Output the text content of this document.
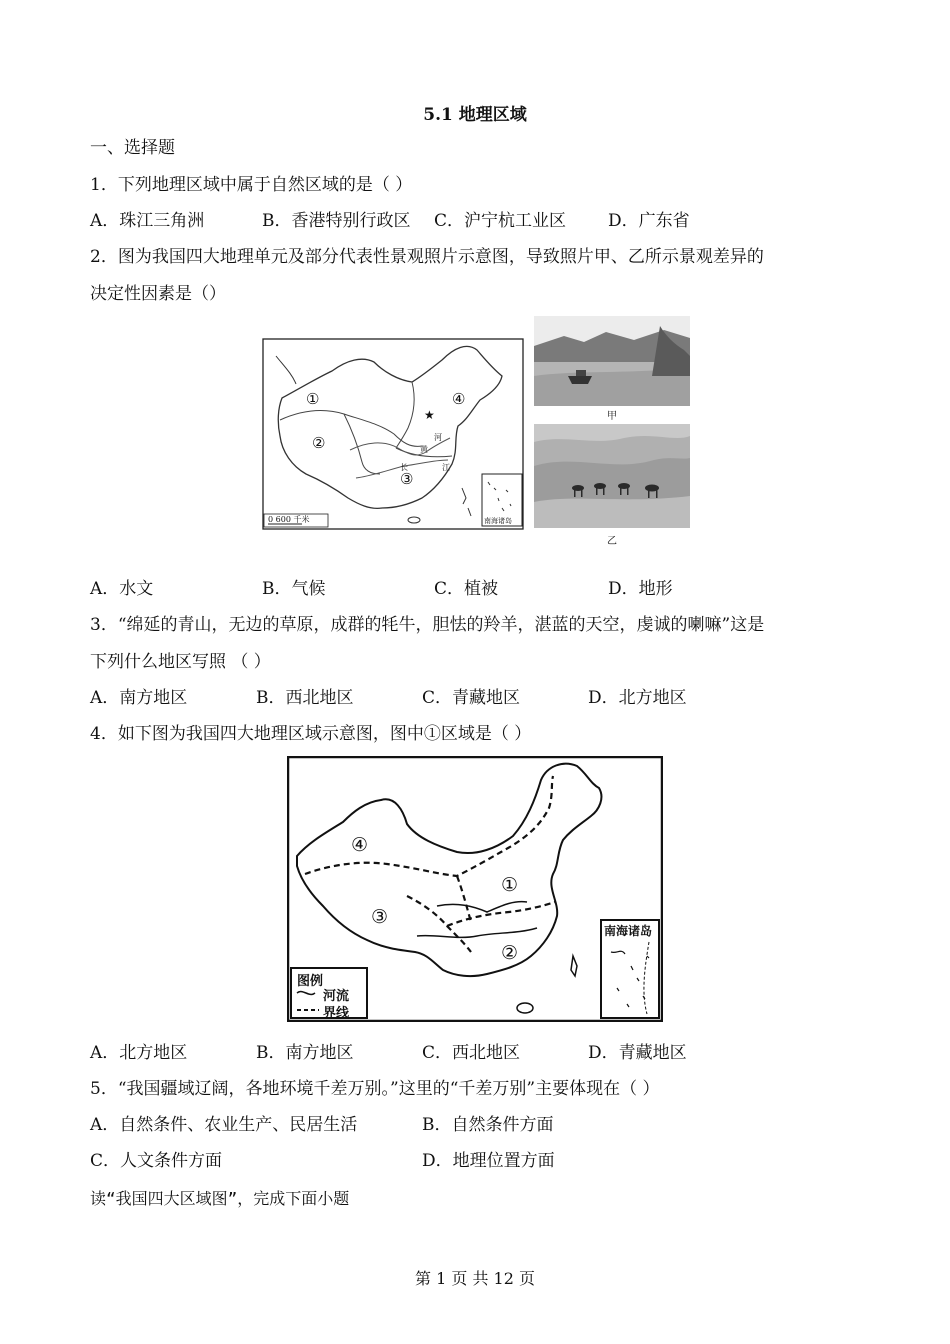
5.1 地理区域
一、选择题
1．下列地理区域中属于自然区域的是（ ）
A．珠江三角洲	B．香港特别行政区 C．沪宁杭工业区 D．广东省
2．图为我国四大地理单元及部分代表性景观照片示意图，导致照片甲、乙所示景观差异的
决定性因素是（）
★
①
②
③
④
黄
河
长	江
0 600 千米	南海诸岛
甲
乙
A．水文	B．气候	C．植被	D．地形
3．“绵延的青山，无边的草原，成群的牦牛，胆怯的羚羊，湛蓝的天空，虔诚的喇嘛”这是
下列什么地区写照 （ ）
A．南方地区	B．西北地区	C．青藏地区	D．北方地区
4．如下图为我国四大地理区域示意图，图中①区域是（ ）
④
①
③
②
图例
河流
界线
南海诸岛
A．北方地区	B．南方地区	C．西北地区	D．青藏地区
5．“我国疆域辽阔，各地环境千差万别。”这里的“千差万别”主要体现在（ ）
A．自然条件、农业生产、民居生活	B．自然条件方面
C．人文条件方面	D．地理位置方面
读“我国四大区域图”，完成下面小题
第 1 页 共 12 页
